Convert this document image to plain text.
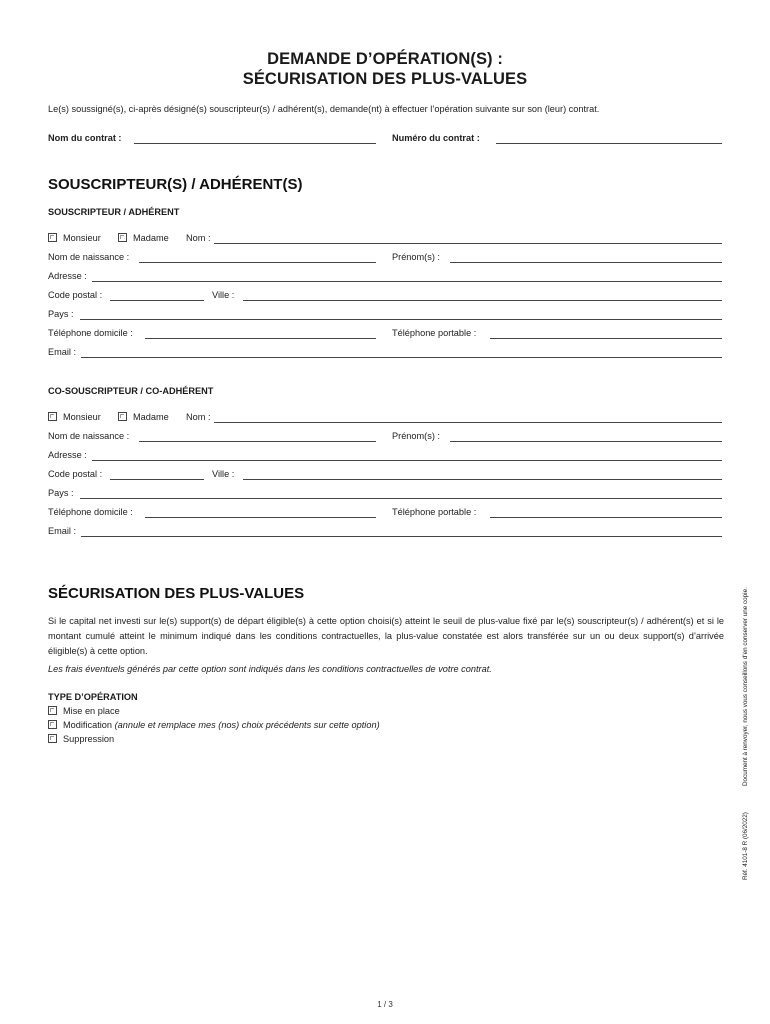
DEMANDE D’OPÉRATION(S) :
SÉCURISATION DES PLUS-VALUES
Le(s) soussigné(s), ci-après désigné(s) souscripteur(s) / adhérent(s), demande(nt) à effectuer l’opération suivante sur son (leur) contrat.
Nom du contrat :	Numéro du contrat :
SOUSCRIPTEUR(S) / ADHÉRENT(S)
SOUSCRIPTEUR / ADHÉRENT
Monsieur	Madame Nom :
Nom de naissance :	Prénom(s) :
Adresse :
Code postal :	Ville :
Pays :
Téléphone domicile :	Téléphone portable :
Email :
CO-SOUSCRIPTEUR / CO-ADHÉRENT
Monsieur	Madame Nom :
Nom de naissance :	Prénom(s) :
Adresse :
Code postal :	Ville :
Pays :
Téléphone domicile :	Téléphone portable :
Email :
SÉCURISATION DES PLUS-VALUES
Si le capital net investi sur le(s) support(s) de départ éligible(s) à cette option choisi(s) atteint le seuil de plus-value fixé par le(s) souscripteur(s) / adhérent(s) et si le montant cumulé atteint le minimum indiqué dans les conditions contractuelles, la plus-value constatée est alors transférée sur un ou deux support(s) d’arrivée éligible(s) à cette option.
Les frais éventuels générés par cette option sont indiqués dans les conditions contractuelles de votre contrat.
TYPE D’OPÉRATION
Mise en place
Modification (annule et remplace mes (nos) choix précédents sur cette option)
Suppression
Réf. 4101-8 R (06/2022)
Document à renvoyer, nous vous conseillons d’en conserver une copie.
1 / 3
